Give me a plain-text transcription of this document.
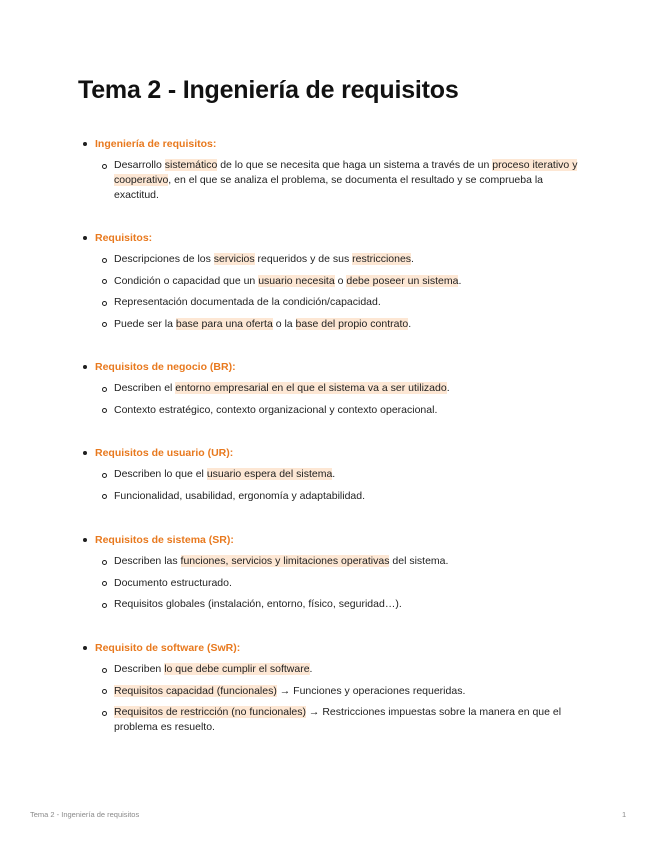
Tema 2 - Ingeniería de requisitos
Ingeniería de requisitos:
Desarrollo sistemático de lo que se necesita que haga un sistema a través de un proceso iterativo y cooperativo, en el que se analiza el problema, se documenta el resultado y se comprueba la exactitud.
Requisitos:
Descripciones de los servicios requeridos y de sus restricciones.
Condición o capacidad que un usuario necesita o debe poseer un sistema.
Representación documentada de la condición/capacidad.
Puede ser la base para una oferta o la base del propio contrato.
Requisitos de negocio (BR):
Describen el entorno empresarial en el que el sistema va a ser utilizado.
Contexto estratégico, contexto organizacional y contexto operacional.
Requisitos de usuario (UR):
Describen lo que el usuario espera del sistema.
Funcionalidad, usabilidad, ergonomía y adaptabilidad.
Requisitos de sistema (SR):
Describen las funciones, servicios y limitaciones operativas del sistema.
Documento estructurado.
Requisitos globales (instalación, entorno, físico, seguridad…).
Requisito de software (SwR):
Describen lo que debe cumplir el software.
Requisitos capacidad (funcionales) → Funciones y operaciones requeridas.
Requisitos de restricción (no funcionales) → Restricciones impuestas sobre la manera en que el problema es resuelto.
Tema 2 - Ingeniería de requisitos	1
